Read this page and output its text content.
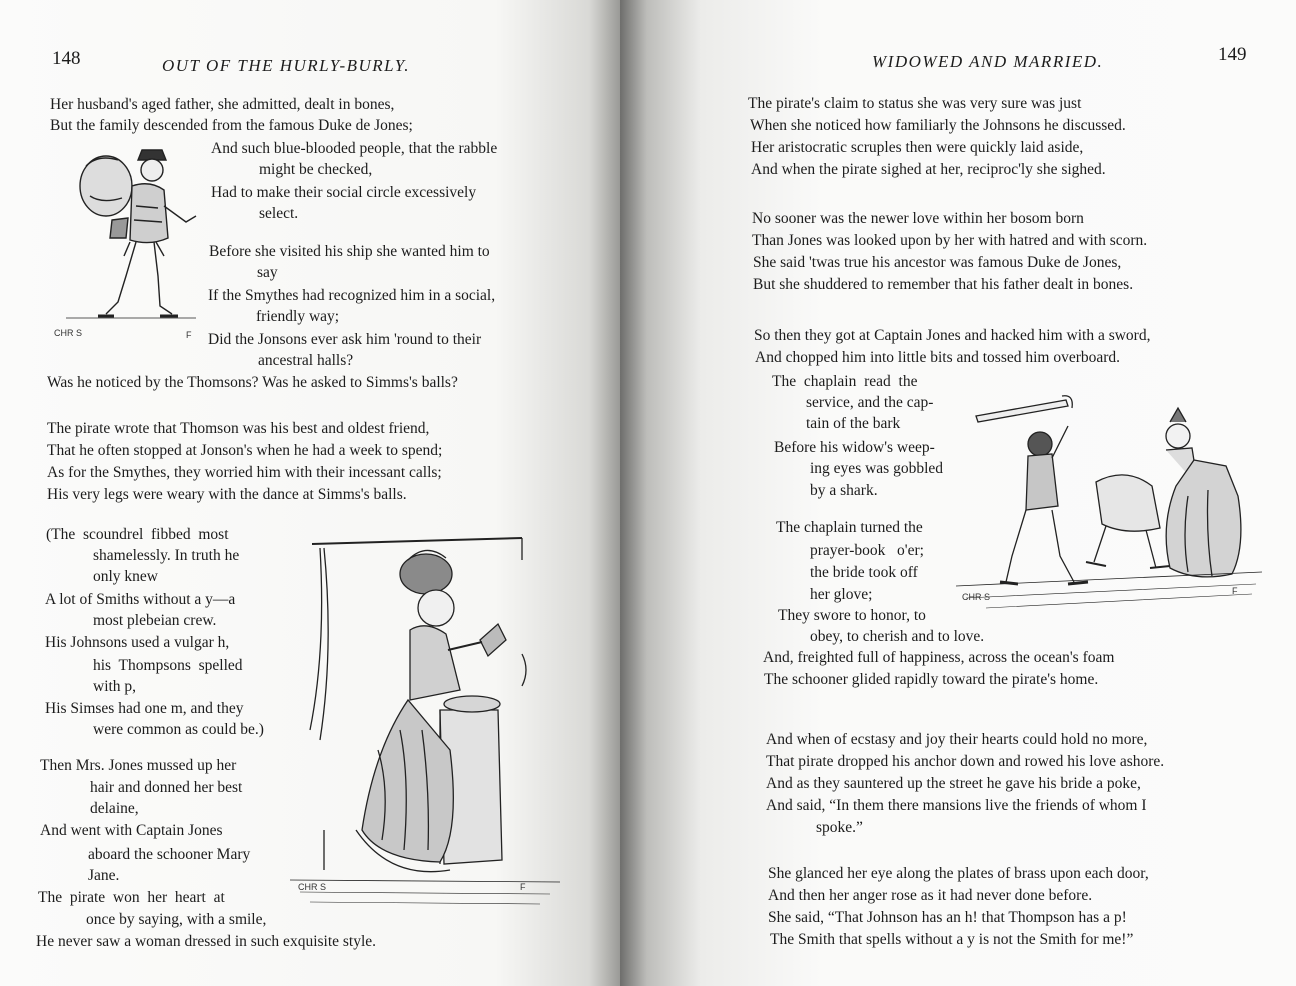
148	OUT OF THE HURLY-BURLY.
Her husband's aged father, she admitted, dealt in bones,
But the family descended from the famous Duke de Jones;
And such blue-blooded people, that the rabble
might be checked,
Had to make their social circle excessively
select.
Before she visited his ship she wanted him to
say
If the Smythes had recognized him in a social,
friendly way;
Did the Jonsons ever ask him 'round to their
ancestral halls?
Was he noticed by the Thomsons? Was he asked to Simms's balls?
The pirate wrote that Thomson was his best and oldest friend,
That he often stopped at Jonson's when he had a week to spend;
As for the Smythes, they worried him with their incessant calls;
His very legs were weary with the dance at Simms's balls.
(The  scoundrel  fibbed  most
shamelessly. In truth he
only knew
A lot of Smiths without a y—a
most plebeian crew.
His Johnsons used a vulgar h,
his  Thompsons  spelled
with p,
His Simses had one m, and they
were common as could be.)
Then Mrs. Jones mussed up her
hair and donned her best
delaine,
And went with Captain Jones
aboard the schooner Mary
Jane.
The  pirate  won  her  heart  at
once by saying, with a smile,
He never saw a woman dressed in such exquisite style.
CHR S	F
CHR S	F
WIDOWED AND MARRIED.	149
The pirate's claim to status she was very sure was just
When she noticed how familiarly the Johnsons he discussed.
Her aristocratic scruples then were quickly laid aside,
And when the pirate sighed at her, reciproc'ly she sighed.
No sooner was the newer love within her bosom born
Than Jones was looked upon by her with hatred and with scorn.
She said 'twas true his ancestor was famous Duke de Jones,
But she shuddered to remember that his father dealt in bones.
So then they got at Captain Jones and hacked him with a sword,
And chopped him into little bits and tossed him overboard.
The  chaplain  read  the
service, and the cap-
tain of the bark
Before his widow's weep-
ing eyes was gobbled
by a shark.
The chaplain turned the
prayer-book   o'er;
the bride took off
her glove;
They swore to honor, to
obey, to cherish and to love.
And, freighted full of happiness, across the ocean's foam
The schooner glided rapidly toward the pirate's home.
And when of ecstasy and joy their hearts could hold no more,
That pirate dropped his anchor down and rowed his love ashore.
And as they sauntered up the street he gave his bride a poke,
And said, “In them there mansions live the friends of whom I
spoke.”
She glanced her eye along the plates of brass upon each door,
And then her anger rose as it had never done before.
She said, “That Johnson has an h! that Thompson has a p!
The Smith that spells without a y is not the Smith for me!”
CHR S
F
